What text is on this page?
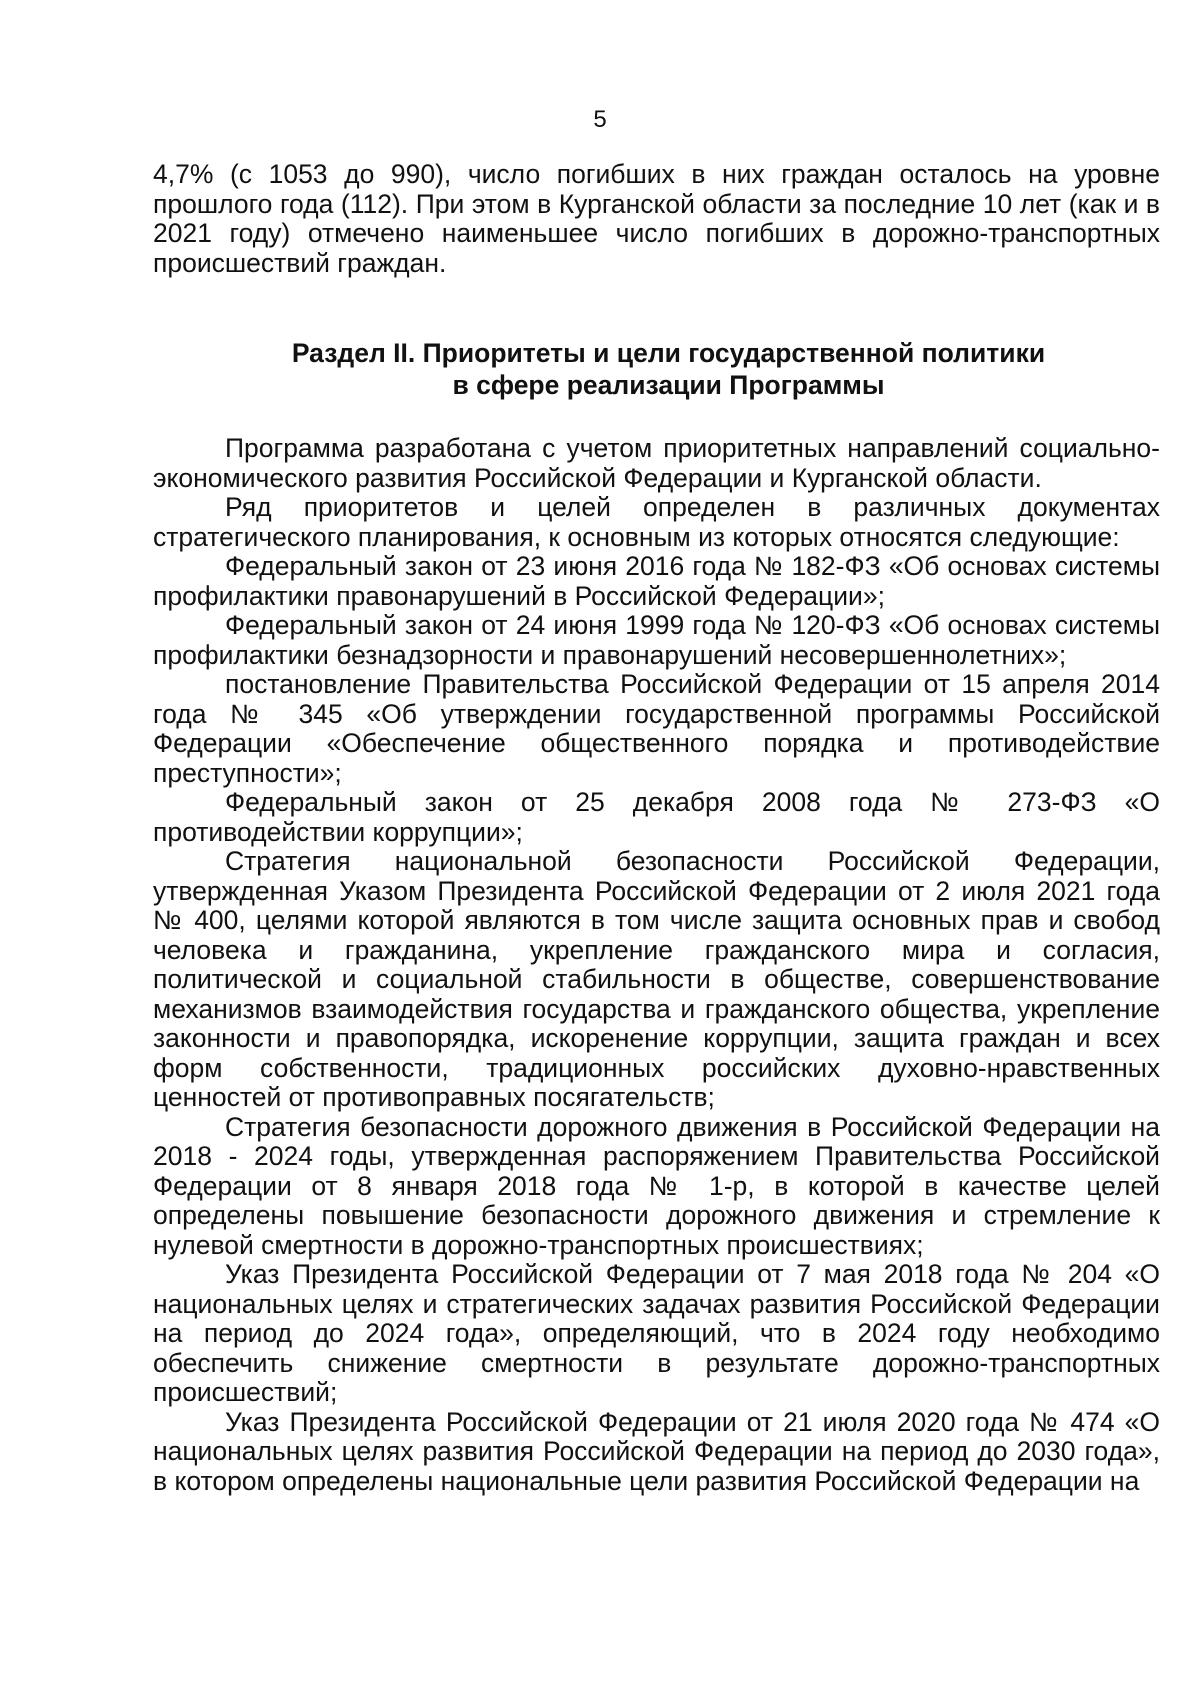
5

4,7% (с 1053 до 990), число погибших в них граждан осталось на уровне прошлого года (112). При этом в Курганской области за последние 10 лет (как и в 2021 году) отмечено наименьшее число погибших в дорожно-транспортных происшествий граждан.

Раздел II. Приоритеты и цели государственной политики
в сфере реализации Программы

Программа разработана с учетом приоритетных направлений социально-экономического развития Российской Федерации и Курганской области.

Ряд приоритетов и целей определен в различных документах стратегического планирования, к основным из которых относятся следующие:

Федеральный закон от 23 июня 2016 года № 182-ФЗ «Об основах системы профилактики правонарушений в Российской Федерации»;

Федеральный закон от 24 июня 1999 года № 120-ФЗ «Об основах системы профилактики безнадзорности и правонарушений несовершеннолетних»;

постановление Правительства Российской Федерации от 15 апреля 2014 года № 345 «Об утверждении государственной программы Российской Федерации «Обеспечение общественного порядка и противодействие преступности»;

Федеральный закон от 25 декабря 2008 года № 273-ФЗ «О противодействии коррупции»;

Стратегия национальной безопасности Российской Федерации, утвержденная Указом Президента Российской Федерации от 2 июля 2021 года № 400, целями которой являются в том числе защита основных прав и свобод человека и гражданина, укрепление гражданского мира и согласия, политической и социальной стабильности в обществе, совершенствование механизмов взаимодействия государства и гражданского общества, укрепление законности и правопорядка, искоренение коррупции, защита граждан и всех форм собственности, традиционных российских духовно-нравственных ценностей от противоправных посягательств;

Стратегия безопасности дорожного движения в Российской Федерации на 2018 - 2024 годы, утвержденная распоряжением Правительства Российской Федерации от 8 января 2018 года № 1-р, в которой в качестве целей определены повышение безопасности дорожного движения и стремление к нулевой смертности в дорожно-транспортных происшествиях;

Указ Президента Российской Федерации от 7 мая 2018 года № 204 «О национальных целях и стратегических задачах развития Российской Федерации на период до 2024 года», определяющий, что в 2024 году необходимо обеспечить снижение смертности в результате дорожно-транспортных происшествий;

Указ Президента Российской Федерации от 21 июля 2020 года № 474 «О национальных целях развития Российской Федерации на период до 2030 года», в котором определены национальные цели развития Российской Федерации на
